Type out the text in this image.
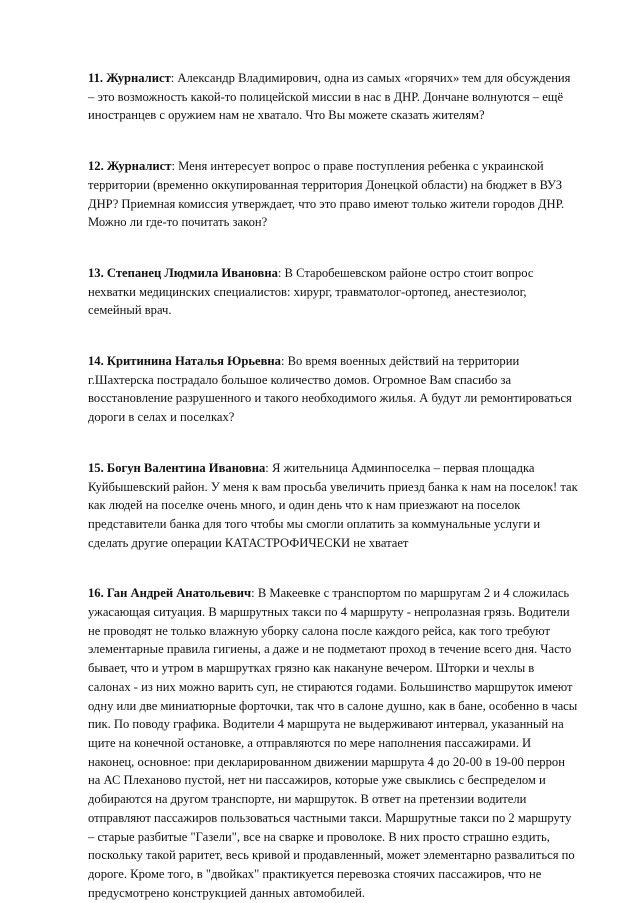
11. Журналист: Александр Владимирович, одна из самых «горячих» тем для обсуждения
– это возможность какой-то полицейской миссии в нас в ДНР. Дончане волнуются – ещё
иностранцев с оружием нам не хватало. Что Вы можете сказать жителям?

12. Журналист: Меня интересует вопрос о праве поступления ребенка с украинской
территории (временно оккупированная территория Донецкой области) на бюджет в ВУЗ
ДНР? Приемная комиссия утверждает, что это право имеют только жители городов ДНР.
Можно ли где-то почитать закон?

13. Степанец Людмила Ивановна: В Старобешевском районе остро стоит вопрос
нехватки медицинских специалистов: хирург, травматолог-ортопед, анестезиолог,
семейный врач.

14. Критинина Наталья Юрьевна: Во время военных действий на территории
г.Шахтерска пострадало большое количество домов. Огромное Вам спасибо за
восстановление разрушенного и такого необходимого жилья. А будут ли ремонтироваться
дороги в селах и поселках?

15. Богун Валентина Ивановна: Я жительница Админпоселка – первая площадка
Куйбышевский район. У меня к вам просьба увеличить приезд банка к нам на поселок! так
как людей на поселке очень много, и один день что к нам приезжают на поселок
представители банка для того чтобы мы смогли оплатить за коммунальные услуги и
сделать другие операции КАТАСТРОФИЧЕСКИ не хватает

16. Ган Андрей Анатольевич: В Макеевке с транспортом по маршругам 2 и 4 сложилась
ужасающая ситуация. В маршрутных такси по 4 маршруту - непролазная грязь. Водители
не проводят не только влажную уборку салона после каждого рейса, как того требуют
элементарные правила гигиены, а даже и не подметают проход в течение всего дня. Часто
бывает, что и утром в маршрутках грязно как накануне вечером. Шторки и чехлы в
салонах - из них можно варить суп, не стираются годами. Большинство маршруток имеют
одну или две миниатюрные форточки, так что в салоне душно, как в бане, особенно в часы
пик. По поводу графика. Водители 4 маршрута не выдерживают интервал, указанный на
щите на конечной остановке, а отправляются по мере наполнения пассажирами. И
наконец, основное: при декларированном движении маршрута 4 до 20-00 в 19-00 перрон
на АС Плехановo пустой, нет ни пассажиров, которые уже свыклись с беспределом и
добираются на другом транспорте, ни маршруток. В ответ на претензии водители
отправляют пассажиров пользоваться частными такси. Маршрутные такси по 2 маршруту
– старые разбитые "Газели", все на сварке и проволоке. В них просто страшно ездить,
поскольку такой раритет, весь кривой и продавленный, может элементарно развалиться по
дороге. Кроме того, в "двойках" практикуется перевозка стоячих пассажиров, что не
предусмотрено конструкцией данных автомобилей.
